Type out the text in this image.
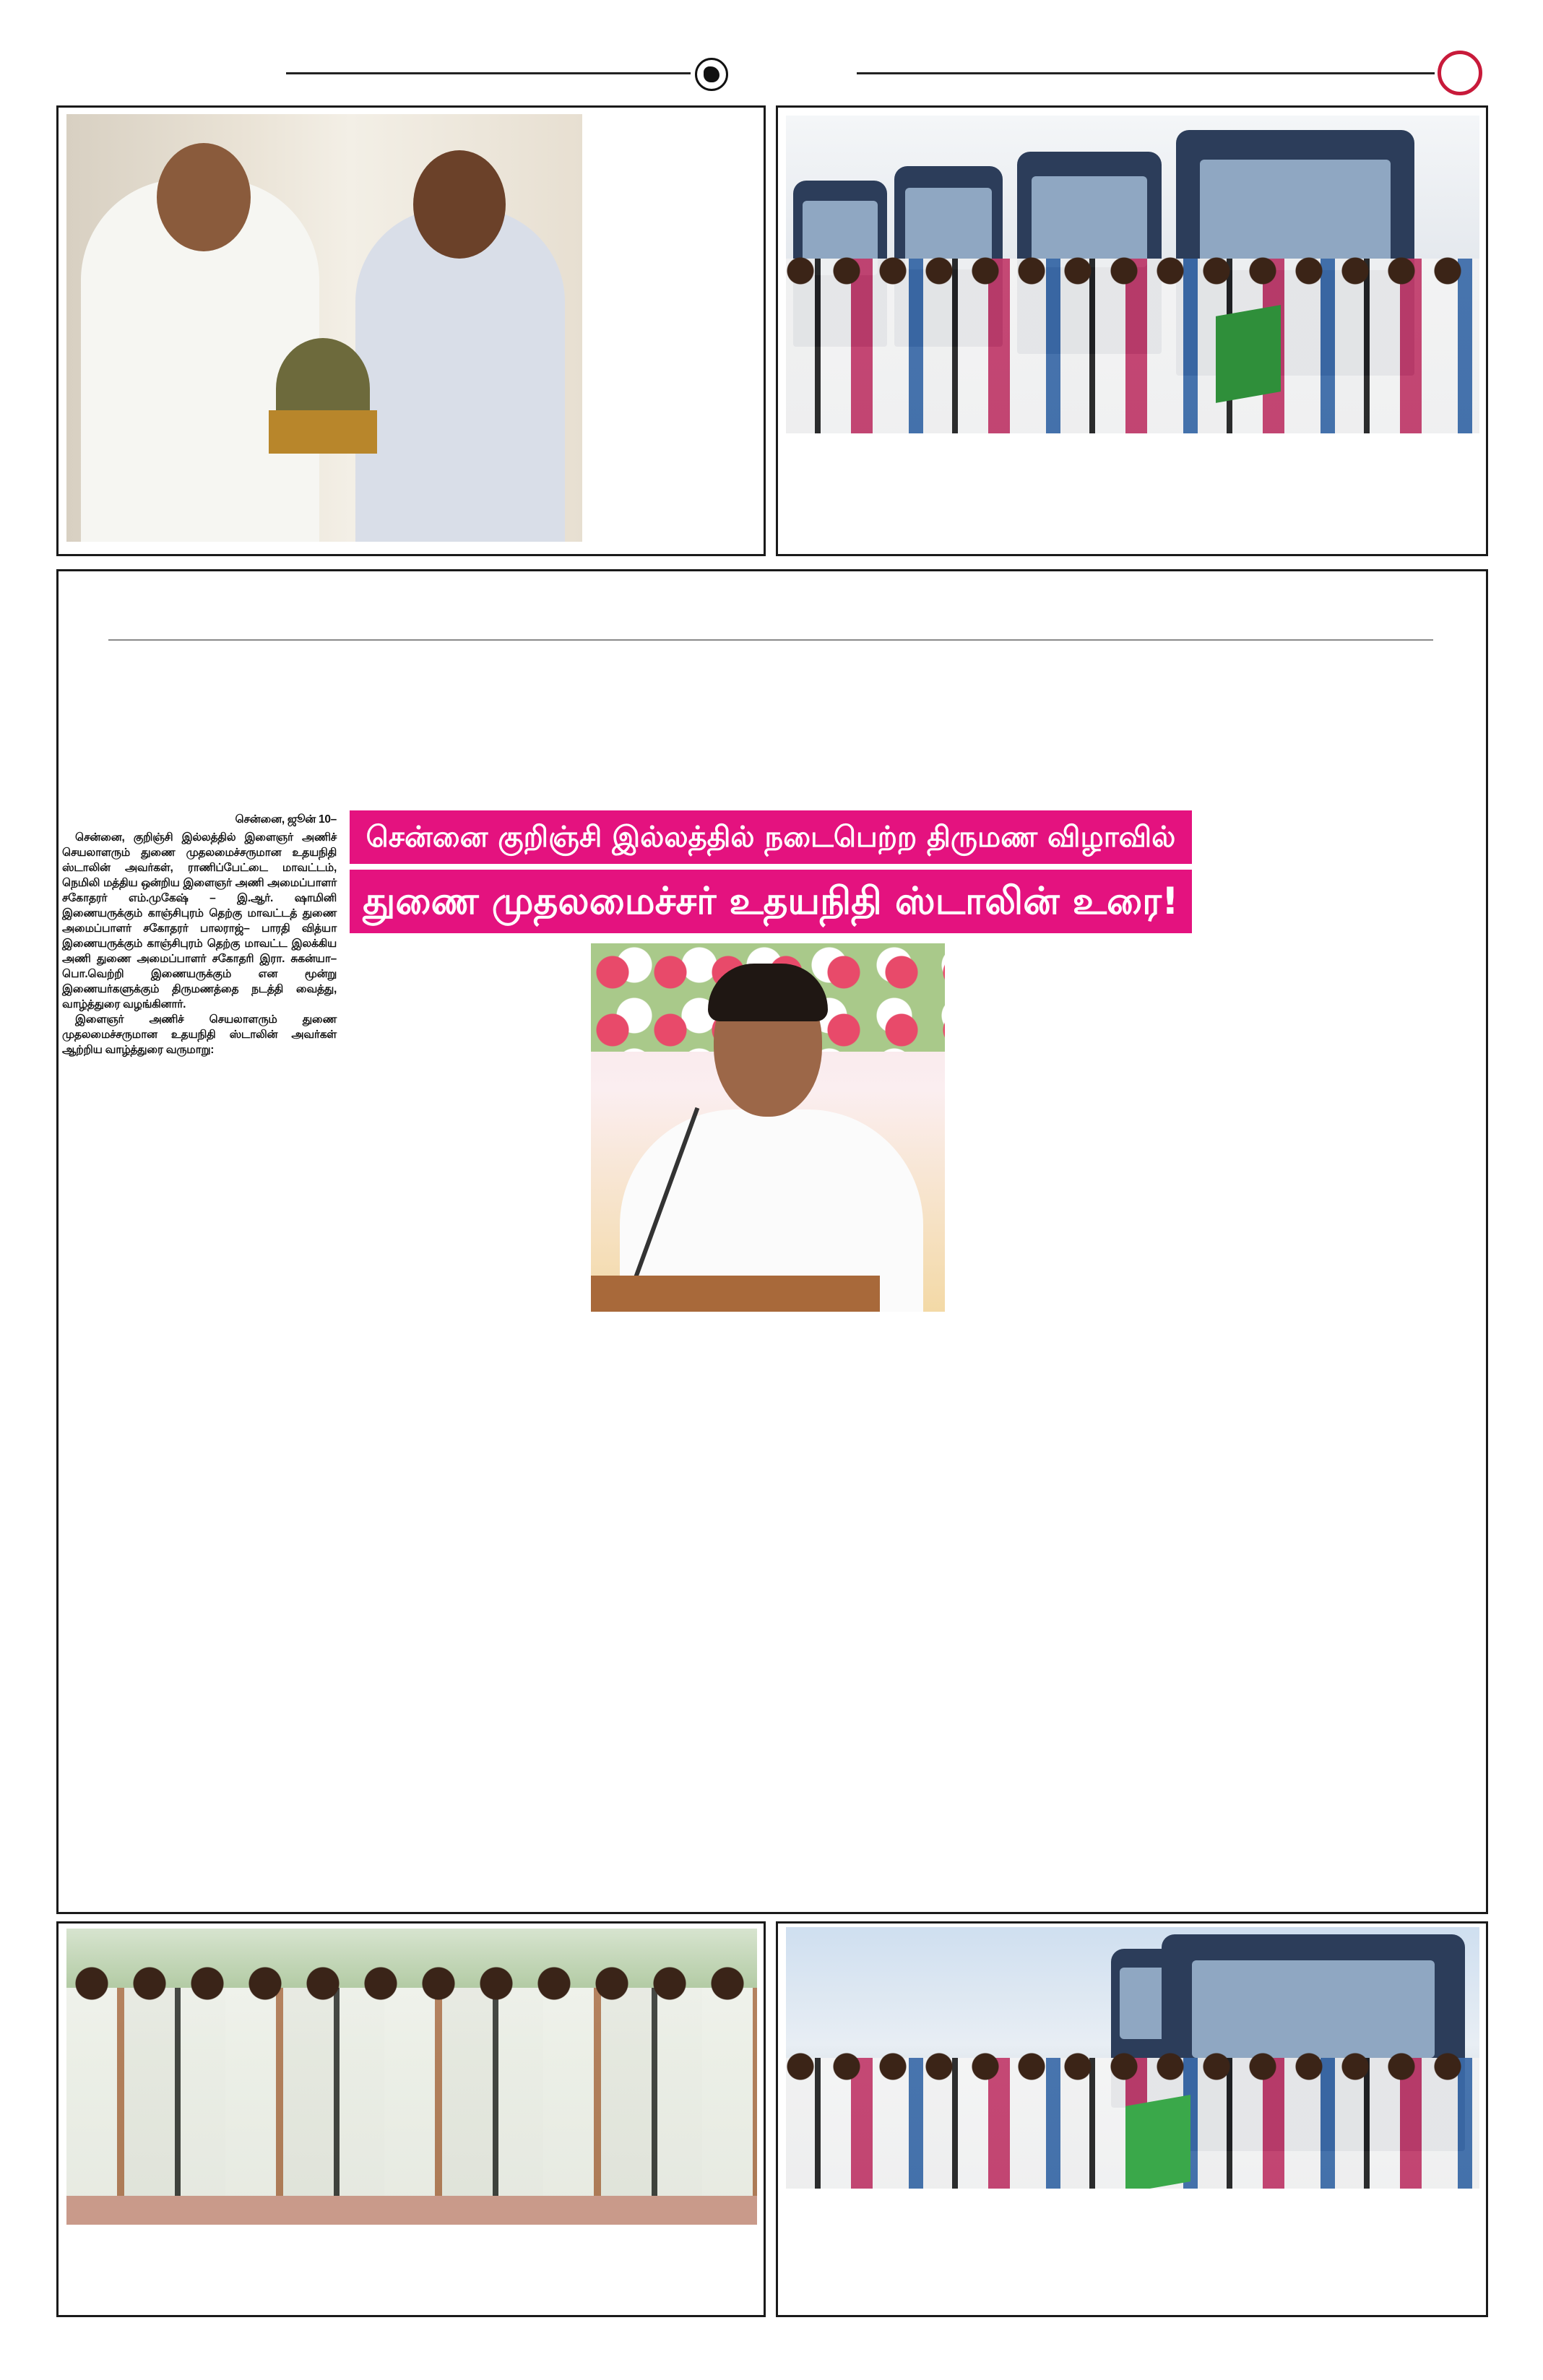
சென்னை குறிஞ்சி இல்லத்தில் நடைபெற்ற திருமண விழாவில்
துணை முதலமைச்சர் உதயநிதி ஸ்டாலின் உரை!
சென்னை, ஜூன் 10–

சென்னை, குறிஞ்சி இல்லத்தில் இளைஞர் அணிச் செயலாளரும் துணை முதலமைச்சருமான உதயநிதி ஸ்டாலின் அவர்கள், ராணிப்பேட்டை மாவட்டம், நெமிலி மத்திய ஒன்றிய இளைஞர் அணி அமைப்பாளர் சகோதரர் எம்.முகேஷ் – இ.ஆர். ஷாமினி இணையருக்கும் காஞ்சிபுரம் தெற்கு மாவட்டத் துணை அமைப்பாளர் சகோதரர் பாலராஜ்– பாரதி வித்யா இணையருக்கும் காஞ்சிபுரம் தெற்கு மாவட்ட இலக்கிய அணி துணை அமைப்பாளர் சகோதரி இரா. சுகன்யா–பொ.வெற்றி இணையருக்கும் என மூன்று இணையர்களுக்கும் திருமணத்தை நடத்தி வைத்து, வாழ்த்துரை வழங்கினார்.

இளைஞர் அணிச் செயலாளரும் துணை முதலமைச்சருமான உதயநிதி ஸ்டாலின் அவர்கள் ஆற்றிய வாழ்த்துரை வருமாறு:
